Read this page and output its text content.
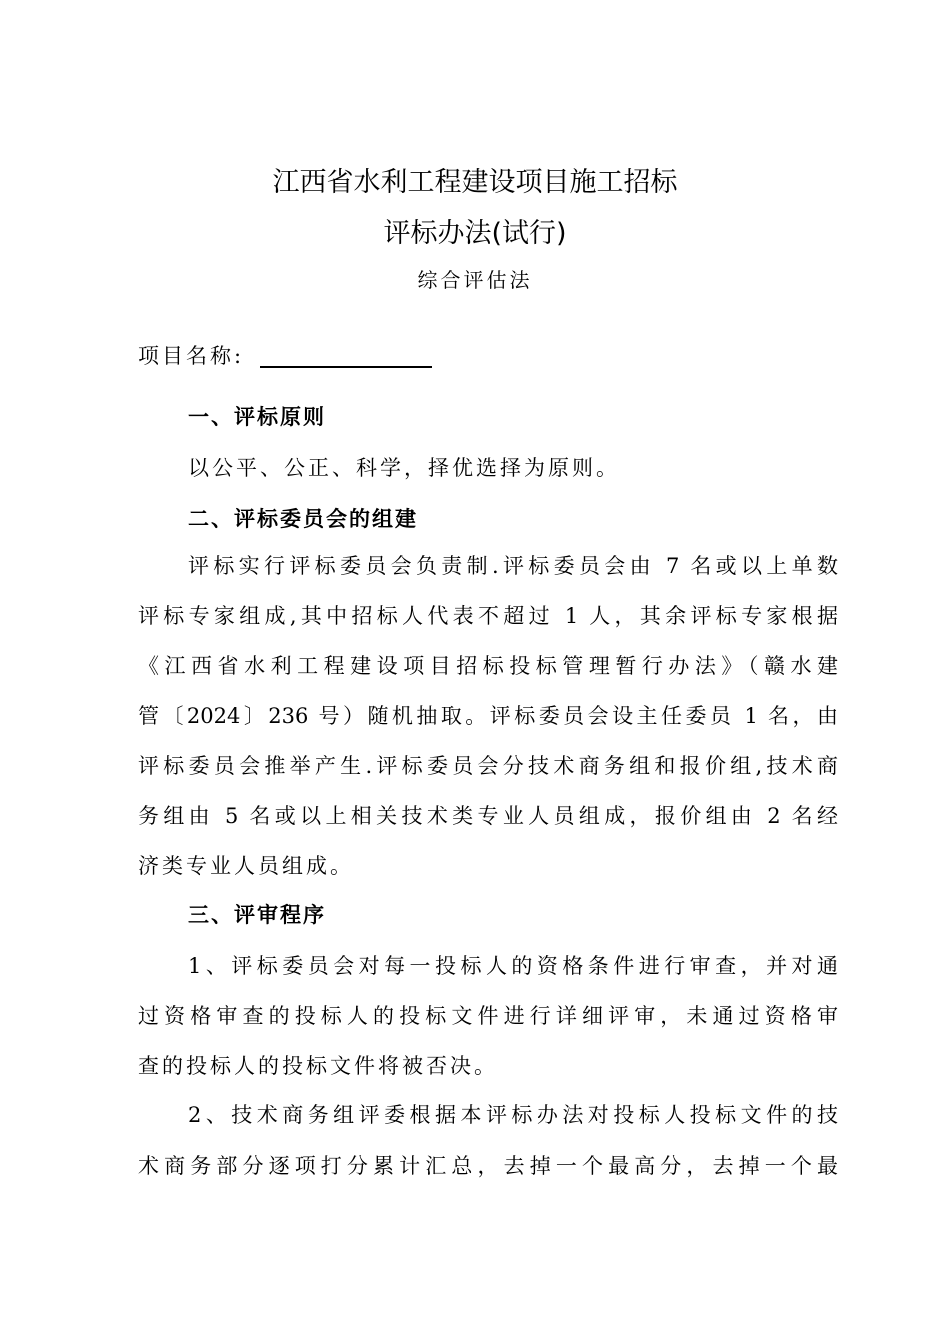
江西省水利工程建设项目施工招标
评标办法(试行)
综合评估法
项目名称:
一、评标原则
以公平、公正、科学，择优选择为原则。
二、评标委员会的组建
评标实行评标委员会负责制.评标委员会由 7 名或以上单数
评标专家组成,其中招标人代表不超过 1 人，其余评标专家根据
《江西省水利工程建设项目招标投标管理暂行办法》（赣水建
管〔2024〕236 号）随机抽取。评标委员会设主任委员 1 名，由
评标委员会推举产生.评标委员会分技术商务组和报价组,技术商
务组由 5 名或以上相关技术类专业人员组成，报价组由 2 名经
济类专业人员组成。
三、评审程序
1、评标委员会对每一投标人的资格条件进行审查，并对通
过资格审查的投标人的投标文件进行详细评审，未通过资格审
查的投标人的投标文件将被否决。
2、技术商务组评委根据本评标办法对投标人投标文件的技
术商务部分逐项打分累计汇总，去掉一个最高分，去掉一个最
